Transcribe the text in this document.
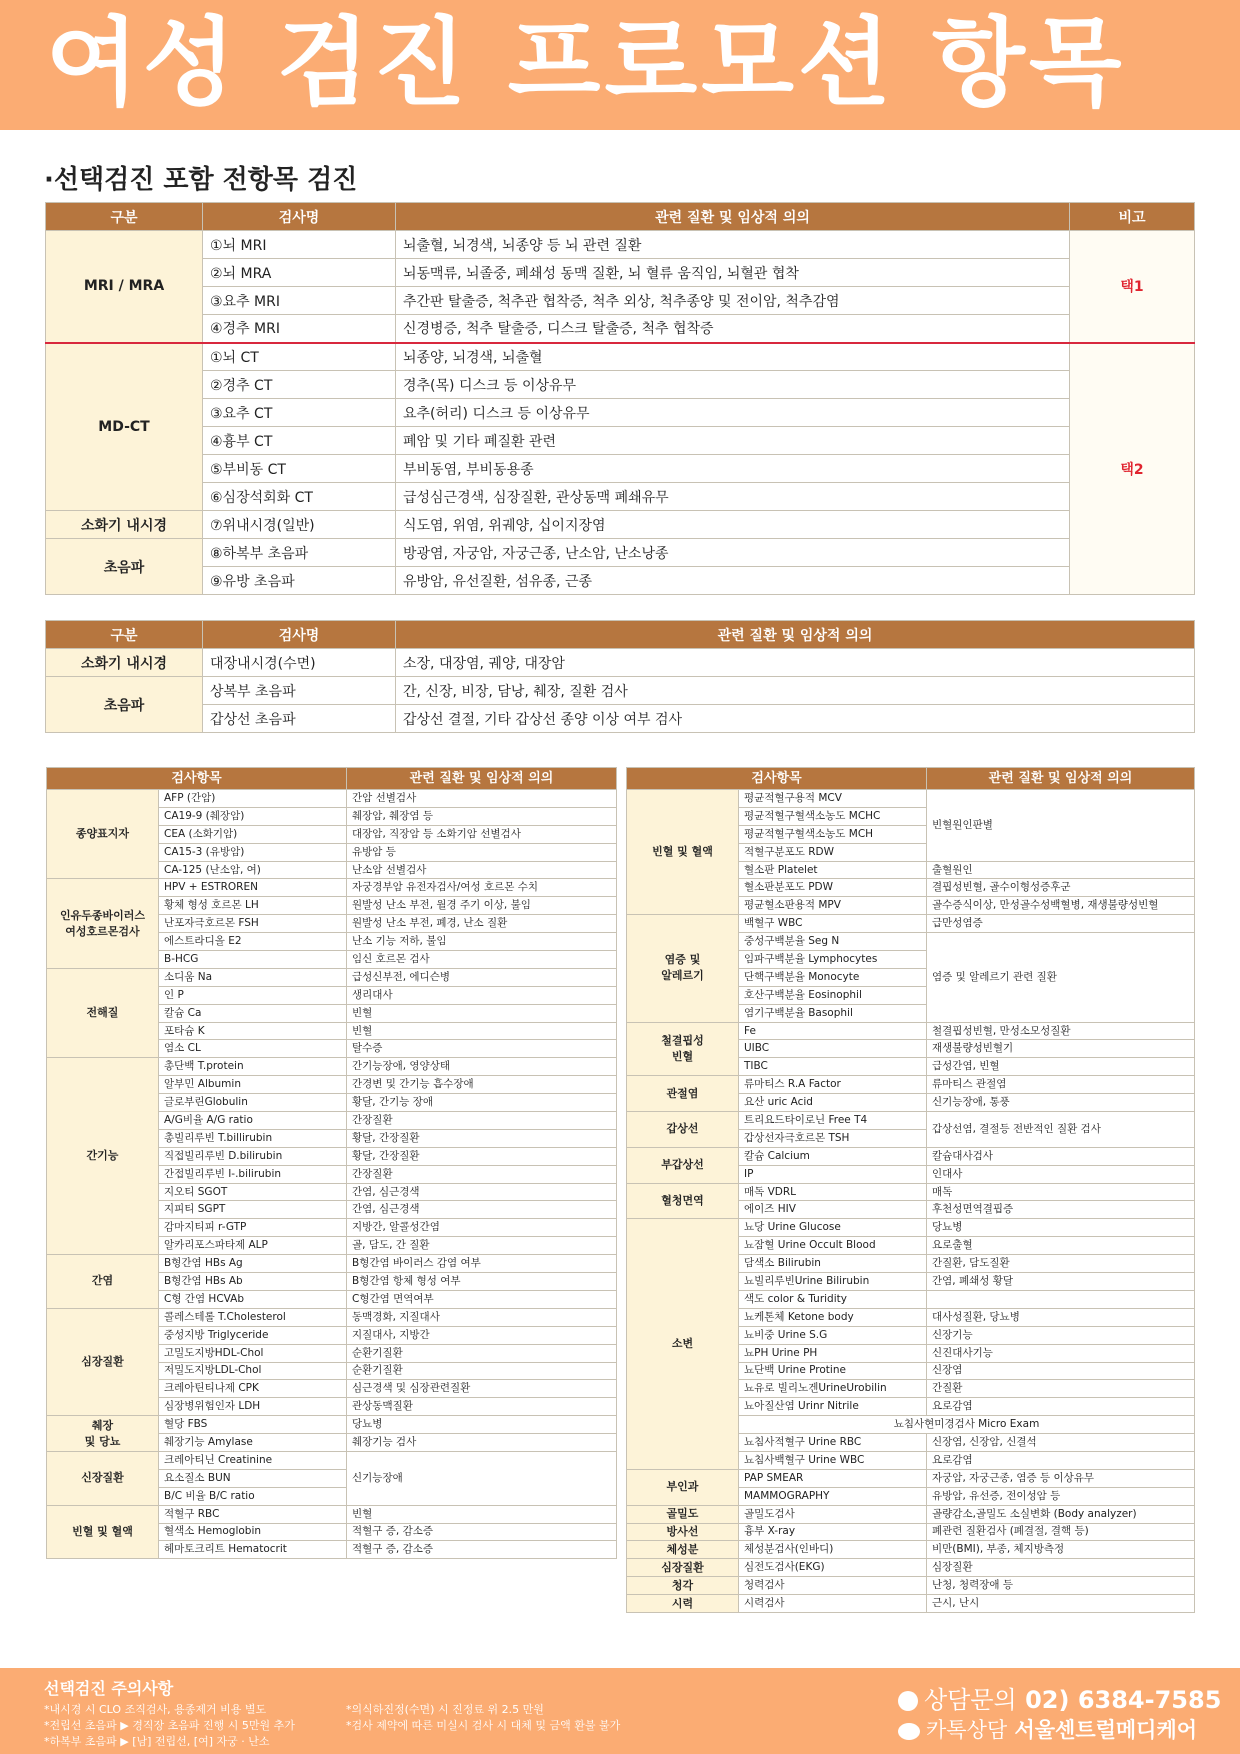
여성 검진 프로모션 항목
·선택검진 포함 전항목 검진
구분	검사명	관련 질환 및 임상적 의의	비고
MRI / MRA	①뇌 MRI	뇌출혈, 뇌경색, 뇌종양 등 뇌 관련 질환	택1
	②뇌 MRA	뇌동맥류, 뇌졸중, 폐쇄성 동맥 질환, 뇌 혈류 움직임, 뇌혈관 협착	
	③요추 MRI	추간판 탈출증, 척추관 협착증, 척추 외상, 척추종양 및 전이암, 척추감염	
	④경추 MRI	신경병증, 척추 탈출증, 디스크 탈출증, 척추 협착증	
MD-CT	①뇌 CT	뇌종양, 뇌경색, 뇌출혈	택2
	②경추 CT	경추(목) 디스크 등 이상유무	
	③요추 CT	요추(허리) 디스크 등 이상유무	
	④흉부 CT	폐암 및 기타 폐질환 관련	
	⑤부비동 CT	부비동염, 부비동용종	
	⑥심장석회화 CT	급성심근경색, 심장질환, 관상동맥 폐쇄유무	
소화기 내시경	⑦위내시경(일반)	식도염, 위염, 위궤양, 십이지장염	
초음파	⑧하복부 초음파	방광염, 자궁암, 자궁근종, 난소암, 난소낭종	
	⑨유방 초음파	유방암, 유선질환, 섬유종, 근종	
구분	검사명	관련 질환 및 임상적 의의
소화기 내시경	대장내시경(수면)	소장, 대장염, 궤양, 대장암
초음파	상복부 초음파	간, 신장, 비장, 담낭, 췌장, 질환 검사
	갑상선 초음파	갑상선 결절, 기타 갑상선 종양 이상 여부 검사
검사항목		관련 질환 및 임상적 의의
종양표지자	AFP (간암)	간암 선별검사
	CA19-9 (췌장암)	췌장암, 췌장염 등
	CEA (소화기암)	대장암, 직장암 등 소화기암 선별검사
	CA15-3 (유방암)	유방암 등
	CA-125 (난소암, 여)	난소암 선별검사
인유두종바이러스
여성호르몬검사	HPV + ESTROREN	자궁경부암 유전자검사/여성 호르몬 수치
	황체 형성 호르몬 LH	원발성 난소 부전, 월경 주기 이상, 불임
	난포자극호르몬 FSH	원발성 난소 부전, 폐경, 난소 질환
	에스트라디올 E2	난소 기능 저하, 불임
	B-HCG	임신 호르몬 검사
전해질	소디움 Na	급성신부전, 에디슨병
	인 P	생리대사
	칼슘 Ca	빈혈
	포타슘 K	빈혈
	염소 CL	탈수증
간기능	총단백 T.protein	간기능장애, 영양상태
	알부민 Albumin	간경변 및 간기능 흡수장애
	글로부린Globulin	황달, 간기능 장애
	A/G비율 A/G ratio	간장질환
	총빌리루빈 T.billirubin	황달, 간장질환
	직접빌리루빈 D.bilirubin	황달, 간장질환
	간접빌리루빈 I-.bilirubin	간장질환
	지오티 SGOT	간염, 심근경색
	지피티 SGPT	간염, 심근경색
	감마지티피 r-GTP	지방간, 알콜성간염
	알카리포스파타제 ALP	골, 담도, 간 질환
간염	B형간염 HBs Ag	B형간염 바이러스 감염 여부
	B형간염 HBs Ab	B형간염 항체 형성 여부
	C형 간염 HCVAb	C형간염 면역여부
심장질환	콜레스테롤 T.Cholesterol	동맥경화, 지질대사
	중성지방 Triglyceride	지질대사, 지방간
	고밀도지방HDL-Chol	순환기질환
	저밀도지방LDL-Chol	순환기질환
	크레아틴티나제 CPK	심근경색 및 심장관련질환
	심장병위험인자 LDH	관상동맥질환
췌장
및 당뇨	혈당 FBS	당뇨병
	췌장기능 Amylase	췌장기능 검사
신장질환	크레아티닌 Creatinine	신기능장애
	요소질소 BUN	
	B/C 비율 B/C ratio	
빈혈 및 혈액	적혈구 RBC	빈혈
	혈색소 Hemoglobin	적혈구 증, 감소증
	헤마토크리트 Hematocrit	적혈구 증, 감소증
검사항목		관련 질환 및 임상적 의의
빈혈 및 혈액	평균적혈구용적 MCV	빈혈원인판별
	평균적혈구혈색소농도 MCHC	
	평균적혈구혈색소농도 MCH	
	적혈구분포도 RDW	
	혈소판 Platelet	출혈원인
	혈소판분포도 PDW	결핍성빈혈, 골수이형성증후군
	평균혈소판용적 MPV	골수증식이상, 만성골수성백혈병, 재생불량성빈혈
염증 및
알레르기	백혈구 WBC	급만성염증
	중성구백분율 Seg N	염증 및 알레르기 관련 질환
	임파구백분율 Lymphocytes	
	단핵구백분율 Monocyte	
	호산구백분율 Eosinophil	
	염기구백분율 Basophil	
철결핍성
빈혈	Fe	철결핍성빈혈, 만성소모성질환
	UIBC	재생불량성빈혈기
	TIBC	급성간염, 빈혈
관절염	류마티스 R.A Factor	류마티스 관절염
	요산 uric Acid	신기능장애, 통풍
갑상선	트리요드타이로닌 Free T4	갑상선염, 결절등 전반적인 질환 검사
	갑상선자극호르몬 TSH	
부갑상선	칼슘 Calcium	칼슘대사검사
	IP	인대사
혈청면역	매독 VDRL	매독
	에이즈 HIV	후천성면역결핍증
소변	뇨당 Urine Glucose	당뇨병
	뇨잠혈 Urine Occult Blood	요로출혈
	담색소 Bilirubin	간질환, 담도질환
	뇨빌리루빈Urine Bilirubin	간염, 폐쇄성 황달
	색도 color & Turidity	
	뇨케톤체 Ketone body	대사성질환, 당뇨병
	뇨비중 Urine S.G	신장기능
	뇨PH Urine PH	신진대사기능
	뇨단백 Urine Protine	신장염
	뇨유로 빌리노겐UrineUrobilin	간질환
	뇨아질산염 Urinr Nitrile	요로감염
	뇨침사현미경검사 Micro Exam	
	뇨침사적혈구 Urine RBC	신장염, 신장암, 신결석
	뇨침사백혈구 Urine WBC	요로감염
부인과	PAP SMEAR	자궁암, 자궁근종, 염증 등 이상유무
	MAMMOGRAPHY	유방암, 유선증, 전이성암 등
골밀도	골밀도검사	골량감소,골밀도 소실변화 (Body analyzer)
방사선	흉부 X-ray	폐관련 질환검사 (폐결절, 결핵 등)
체성분	체성분검사(인바디)	비만(BMI), 부종, 체지방측정
심장질환	심전도검사(EKG)	심장질환
청각	청력검사	난청, 청력장애 등
시력	시력검사	근시, 난시
선택검진 주의사항
*내시경 시 CLO 조직검사, 용종제거 비용 별도
*전립선 초음파 ▶ 경직장 초음파 진행 시 5만원 추가
*하복부 초음파 ▶ [남] 전립선, [여] 자궁 · 난소
*의식하진정(수면) 시 진정료 위 2.5 만원
*검사 제약에 따른 미실시 검사 시 대체 및 금액 환불 불가
상담문의 02) 6384-7585
카톡상담 서울센트럴메디케어
